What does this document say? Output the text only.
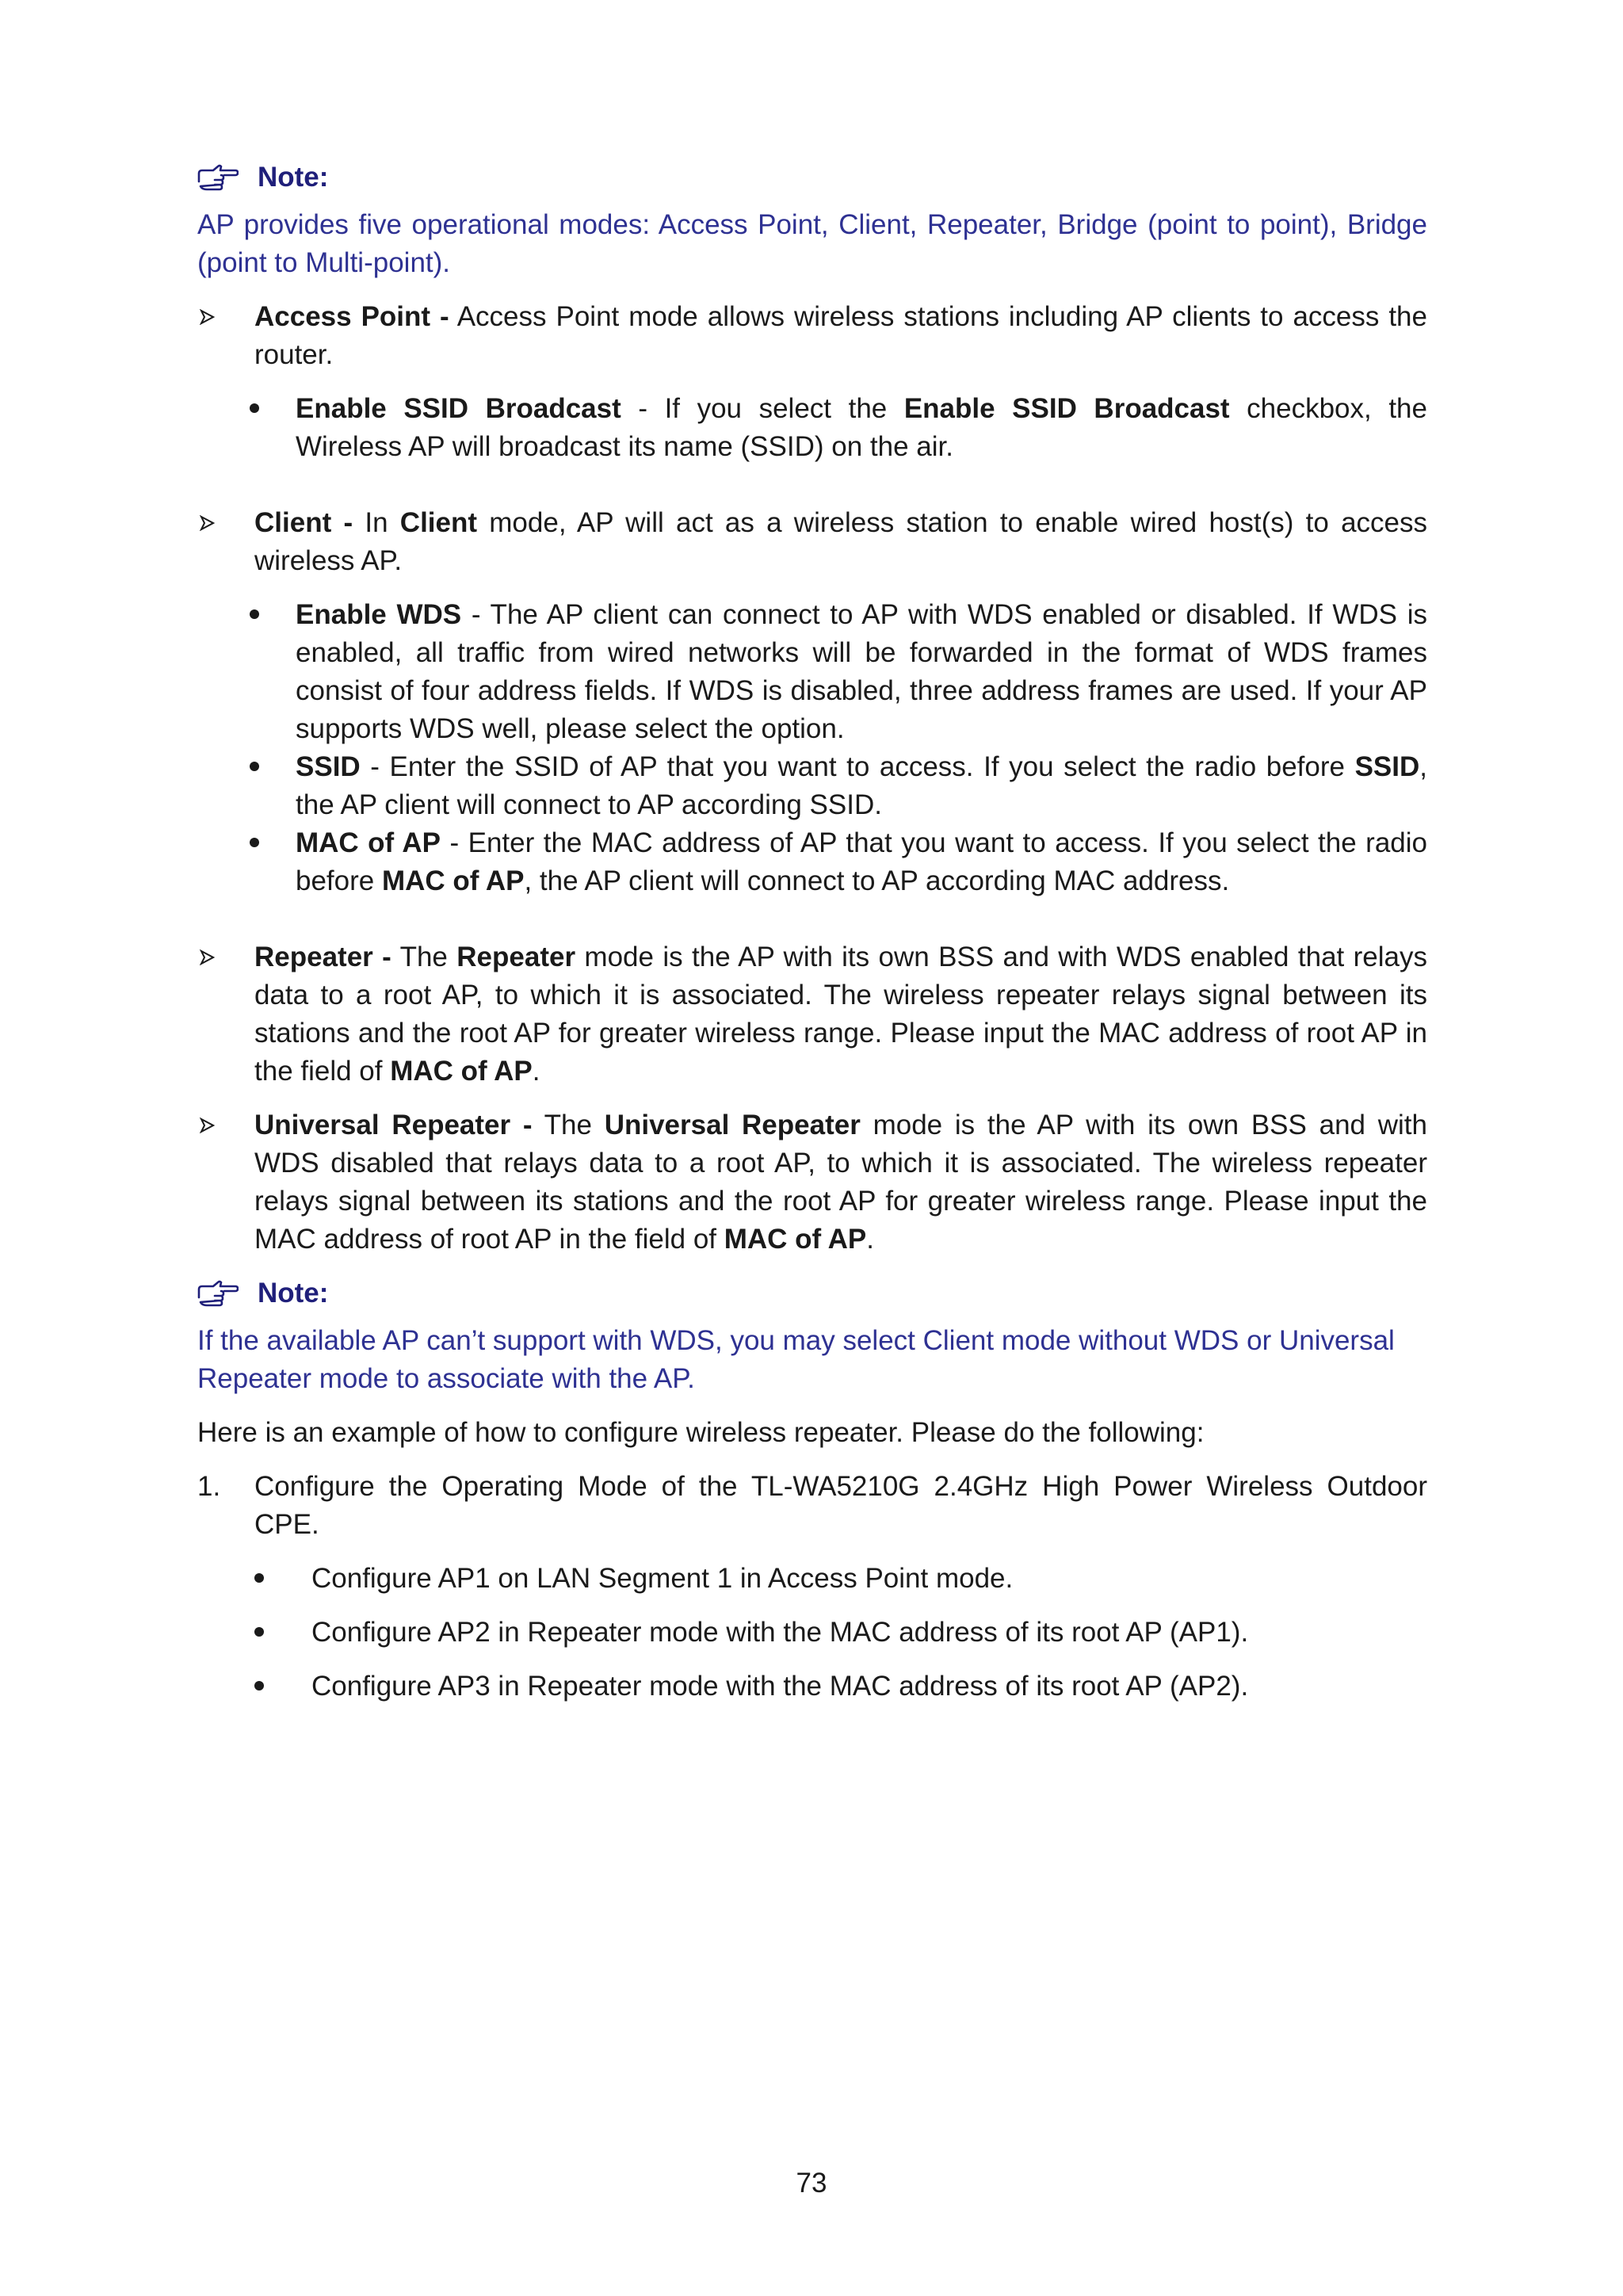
Note:

AP provides five operational modes: Access Point, Client, Repeater, Bridge (point to point), Bridge (point to Multi-point).

Access Point - Access Point mode allows wireless stations including AP clients to access the router.
Enable SSID Broadcast - If you select the Enable SSID Broadcast checkbox, the Wireless AP will broadcast its name (SSID) on the air.
Client - In Client mode, AP will act as a wireless station to enable wired host(s) to access wireless AP.
Enable WDS - The AP client can connect to AP with WDS enabled or disabled. If WDS is enabled, all traffic from wired networks will be forwarded in the format of WDS frames consist of four address fields. If WDS is disabled, three address frames are used. If your AP supports WDS well, please select the option.
SSID - Enter the SSID of AP that you want to access. If you select the radio before SSID, the AP client will connect to AP according SSID.
MAC of AP - Enter the MAC address of AP that you want to access. If you select the radio before MAC of AP, the AP client will connect to AP according MAC address.
Repeater - The Repeater mode is the AP with its own BSS and with WDS enabled that relays data to a root AP, to which it is associated. The wireless repeater relays signal between its stations and the root AP for greater wireless range. Please input the MAC address of root AP in the field of MAC of AP.
Universal Repeater - The Universal Repeater mode is the AP with its own BSS and with WDS disabled that relays data to a root AP, to which it is associated. The wireless repeater relays signal between its stations and the root AP for greater wireless range. Please input the MAC address of root AP in the field of MAC of AP.
Note:

If the available AP can’t support with WDS, you may select Client mode without WDS or Universal Repeater mode to associate with the AP.

Here is an example of how to configure wireless repeater. Please do the following:

1. Configure the Operating Mode of the TL-WA5210G 2.4GHz High Power Wireless Outdoor CPE.
Configure AP1 on LAN Segment 1 in Access Point mode.
Configure AP2 in Repeater mode with the MAC address of its root AP (AP1).
Configure AP3 in Repeater mode with the MAC address of its root AP (AP2).
73
